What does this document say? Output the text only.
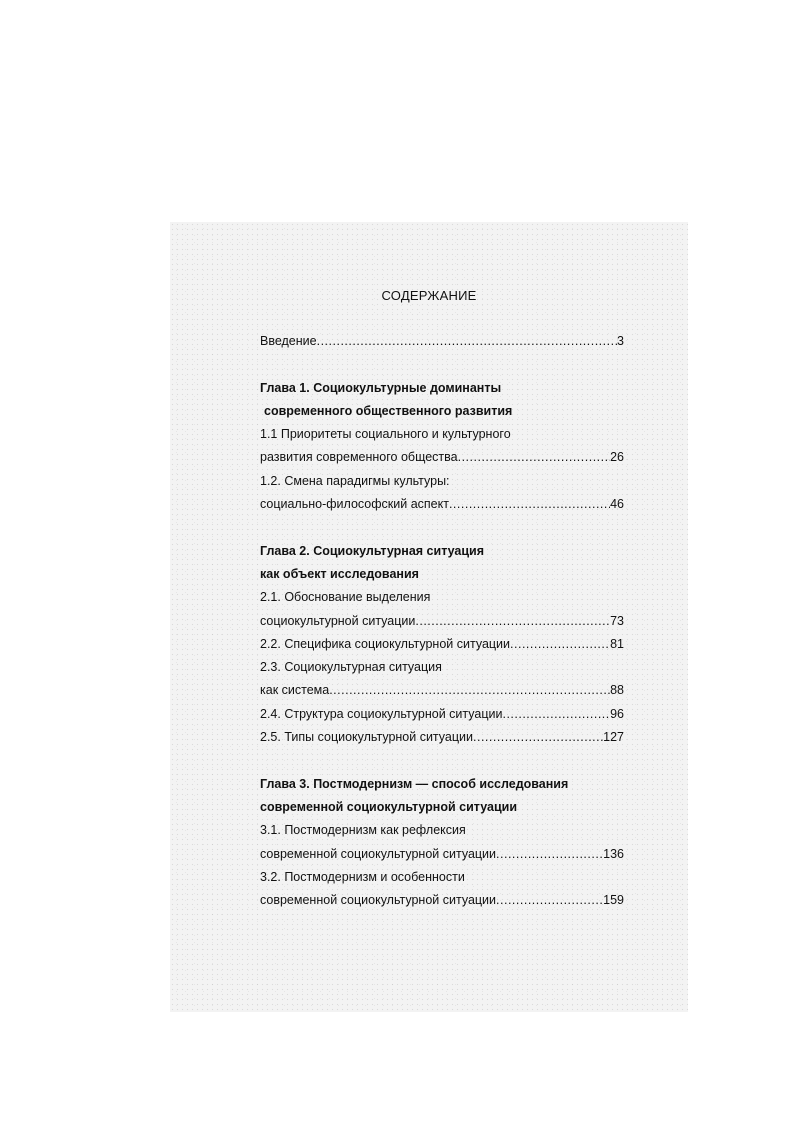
СОДЕРЖАНИЕ
Введение .....	3
Глава 1. Социокультурные доминанты
современного общественного развития
1.1 Приоритеты социального и культурного
развития современного общества .....	26
1.2. Смена парадигмы культуры:
социально-философский аспект .....	46
Глава 2. Социокультурная ситуация
как объект исследования
2.1. Обоснование выделения
социокультурной ситуации .....	73
2.2. Специфика социокультурной ситуации .....	81
2.3. Социокультурная ситуация
как система .....	88
2.4. Структура социокультурной ситуации .....	96
2.5. Типы социокультурной ситуации .....	127
Глава 3. Постмодернизм — способ исследования
современной социокультурной ситуации
3.1. Постмодернизм как рефлексия
современной социокультурной ситуации .....	136
3.2. Постмодернизм и особенности
современной социокультурной ситуации .....	159
